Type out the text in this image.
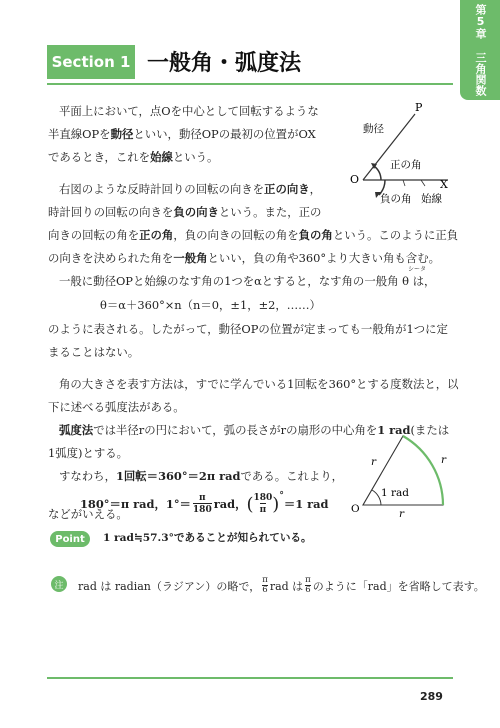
第5章 三角関数
Section 1 一般角・弧度法
平面上において，点Oを中心として回転するような
半直線OPを動径といい，動径OPの最初の位置がOX
であるとき，これを始線という。
P
O	X
動径
正の角
負の角 始線
右図のような反時計回りの回転の向きを正の向き，
時計回りの回転の向きを負の向きという。また，正の
向きの回転の角を正の角，負の向きの回転の角を負の角という。このように正負
の向きを決められた角を一般角といい，負の角や360°より大きい角も含む。
一般に動径OPと始線のなす角の1つをαとすると，なす角の一般角 θ は，
シータ
θ＝α＋360°×n（n＝0，±1，±2，……）
のように表される。したがって，動径OPの位置が定まっても一般角が1つに定
まることはない。
角の大きさを表す方法は，すでに学んでいる1回転を360°とする度数法と，以
下に述べる弧度法がある。
弧度法では半径rの円において，弧の長さがrの扇形の中心角を1 rad(または
1弧度)とする。
すなわち，1回転＝360°＝2π radである。これより，
180°＝π rad，1°＝ π
180 rad， ( 180
π ) °
＝1 rad
などがいえる。	O
r	r
r
1 rad
Point	1 rad≒57.3°であることが知られている。
注	rad は radian（ラジアン）の略で， π
6 rad は π
6 のように「rad」を省略して表す。
289
